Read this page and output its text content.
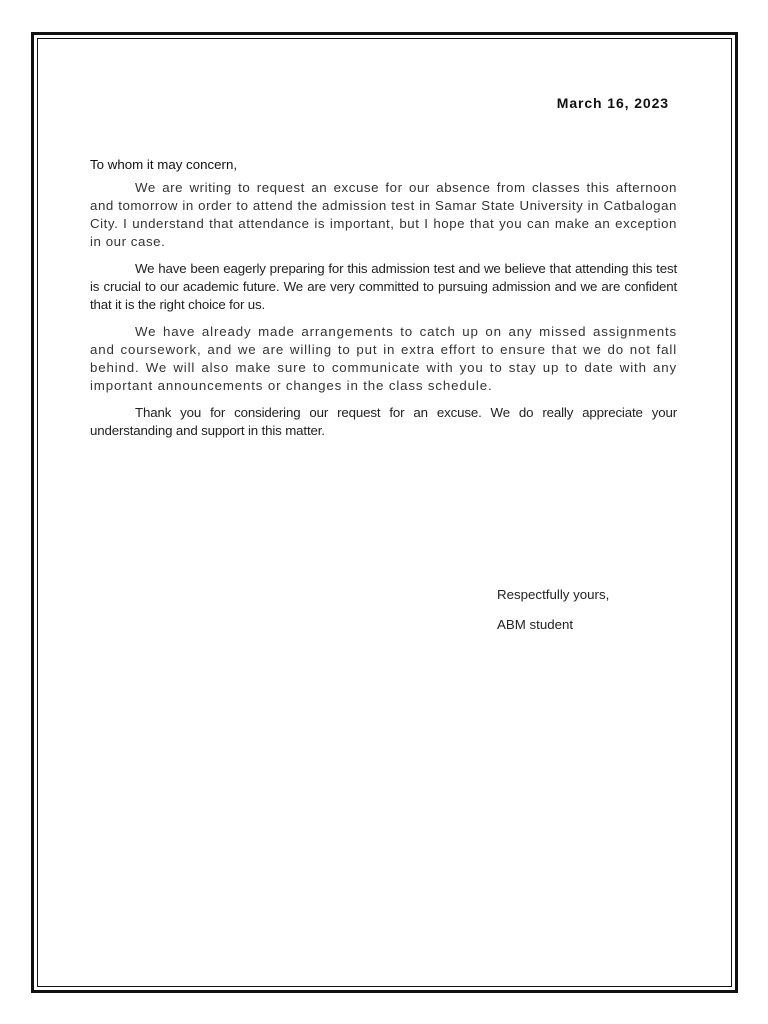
March 16, 2023

To whom it may concern,

We are writing to request an excuse for our absence from classes this afternoon and tomorrow in order to attend the admission test in Samar State University in Catbalogan City. I understand that attendance is important, but I hope that you can make an exception in our case.

We have been eagerly preparing for this admission test and we believe that attending this test is crucial to our academic future. We are very committed to pursuing admission and we are confident that it is the right choice for us.

We have already made arrangements to catch up on any missed assignments and coursework, and we are willing to put in extra effort to ensure that we do not fall behind. We will also make sure to communicate with you to stay up to date with any important announcements or changes in the class schedule.

Thank you for considering our request for an excuse. We do really appreciate your understanding and support in this matter.

Respectfully yours,
ABM student
